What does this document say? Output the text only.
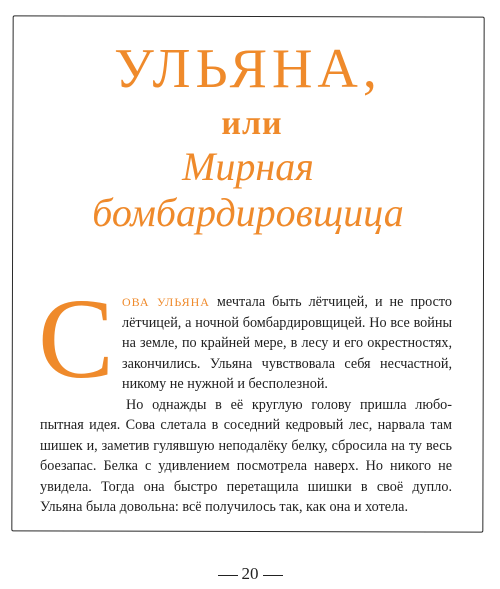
УЛЬЯНА,
или
Мирная
бомбардировщица

СОВА УЛЬЯНА мечтала быть лётчицей, и не просто лётчицей, а ночной бомбардировщицей. Но все войны на земле, по крайней мере, в лесу и его окрестностях, закончились. Ульяна чувствовала себя несчастной, никому не нужной и бесполезной.

Но однажды в её круглую голову пришла любопытная идея. Сова слетала в соседний кедровый лес, нарвала там шишек и, заметив гулявшую неподалёку белку, сбросила на ту весь боезапас. Белка с удивлением посмотрела наверх. Но никого не увидела. Тогда она быстро перетащила шишки в своё дупло. Ульяна была довольна: всё получилось так, как она и хотела.

20
